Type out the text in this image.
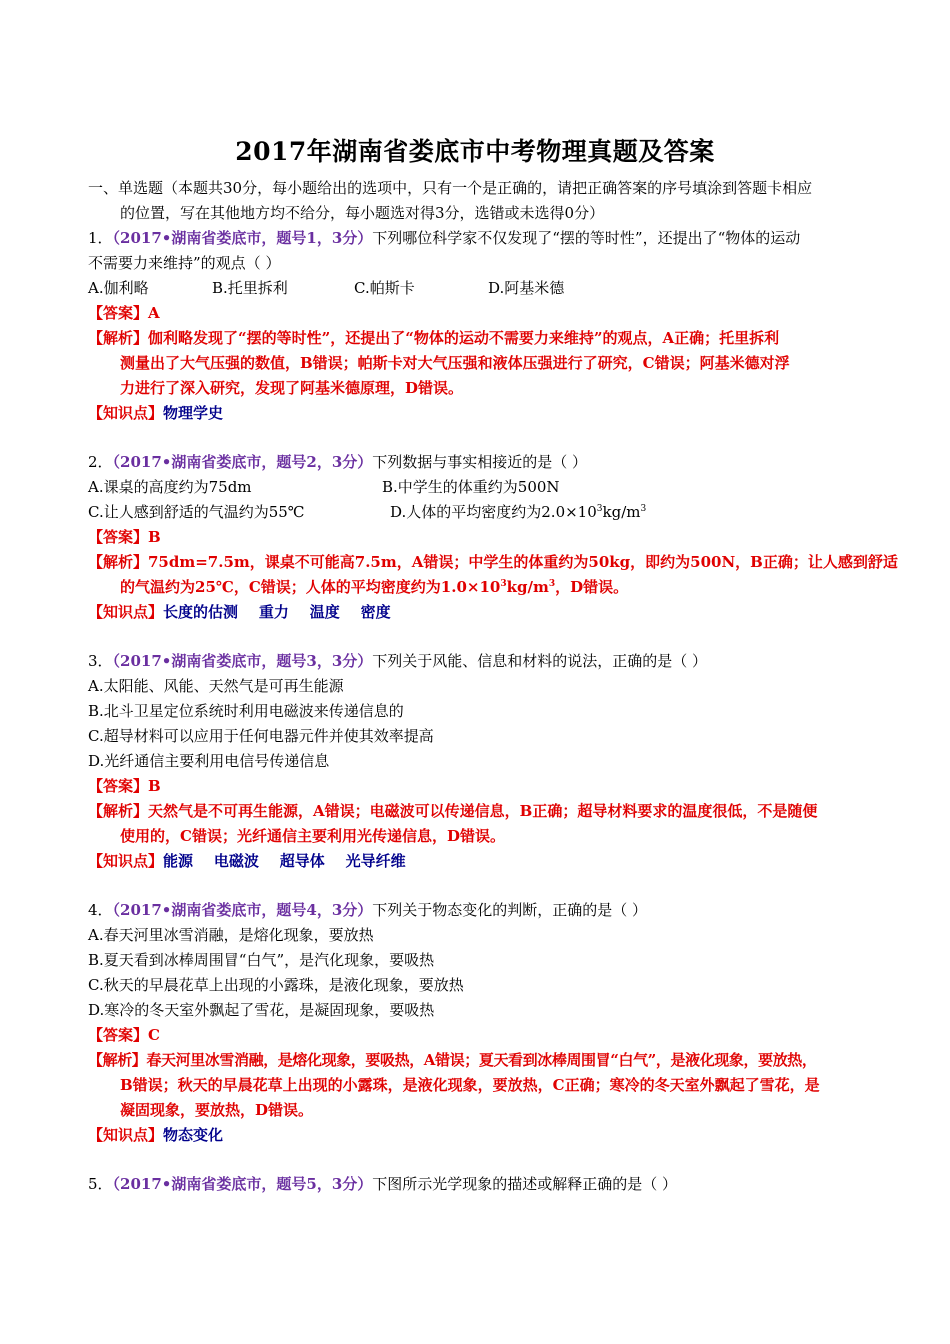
2017年湖南省娄底市中考物理真题及答案
一、单选题（本题共30分，每小题给出的选项中，只有一个是正确的，请把正确答案的序号填涂到答题卡相应
的位置，写在其他地方均不给分，每小题选对得3分，选错或未选得0分）
1．（2017•湖南省娄底市，题号1，3分）下列哪位科学家不仅发现了“摆的等时性”，还提出了“物体的运动
不需要力来维持”的观点（ ）
A.伽利略	B.托里拆利	C.帕斯卡	D.阿基米德
【答案】A
【解析】伽利略发现了“摆的等时性”，还提出了“物体的运动不需要力来维持”的观点，A正确；托里拆利
测量出了大气压强的数值，B错误；帕斯卡对大气压强和液体压强进行了研究，C错误；阿基米德对浮
力进行了深入研究，发现了阿基米德原理，D错误。
【知识点】物理学史
2．（2017•湖南省娄底市，题号2，3分）下列数据与事实相接近的是（ ）
A.课桌的高度约为75dm	B.中学生的体重约为500N
C.让人感到舒适的气温约为55℃	D.人体的平均密度约为$2.0\times 10^3kg/m^3$
【答案】B
【解析】75dm=7.5m，课桌不可能高7.5m，A错误；中学生的体重约为50kg，即约为500N，B正确；让人感到舒适
的气温约为25℃，C错误；人体的平均密度约为$1.0\times 10^3kg/m^3$，D错误。
【知识点】长度的估测    重力    温度    密度
3．（2017•湖南省娄底市，题号3，3分）下列关于风能、信息和材料的说法，正确的是（ ）
A.太阳能、风能、天然气是可再生能源
B.北斗卫星定位系统时利用电磁波来传递信息的
C.超导材料可以应用于任何电器元件并使其效率提高
D.光纤通信主要利用电信号传递信息
【答案】B
【解析】天然气是不可再生能源，A错误；电磁波可以传递信息，B正确；超导材料要求的温度很低，不是随便
使用的，C错误；光纤通信主要利用光传递信息，D错误。
【知识点】能源    电磁波    超导体    光导纤维
4．（2017•湖南省娄底市，题号4，3分）下列关于物态变化的判断，正确的是（ ）
A.春天河里冰雪消融，是熔化现象，要放热
B.夏天看到冰棒周围冒“白气”，是汽化现象，要吸热
C.秋天的早晨花草上出现的小露珠，是液化现象，要放热
D.寒冷的冬天室外飘起了雪花，是凝固现象，要吸热
【答案】C
【解析】春天河里冰雪消融，是熔化现象，要吸热，A错误；夏天看到冰棒周围冒“白气”，是液化现象，要放热，
B错误；秋天的早晨花草上出现的小露珠，是液化现象，要放热，C正确；寒冷的冬天室外飘起了雪花，是
凝固现象，要放热，D错误。
【知识点】物态变化
5．（2017•湖南省娄底市，题号5，3分）下图所示光学现象的描述或解释正确的是（ ）
